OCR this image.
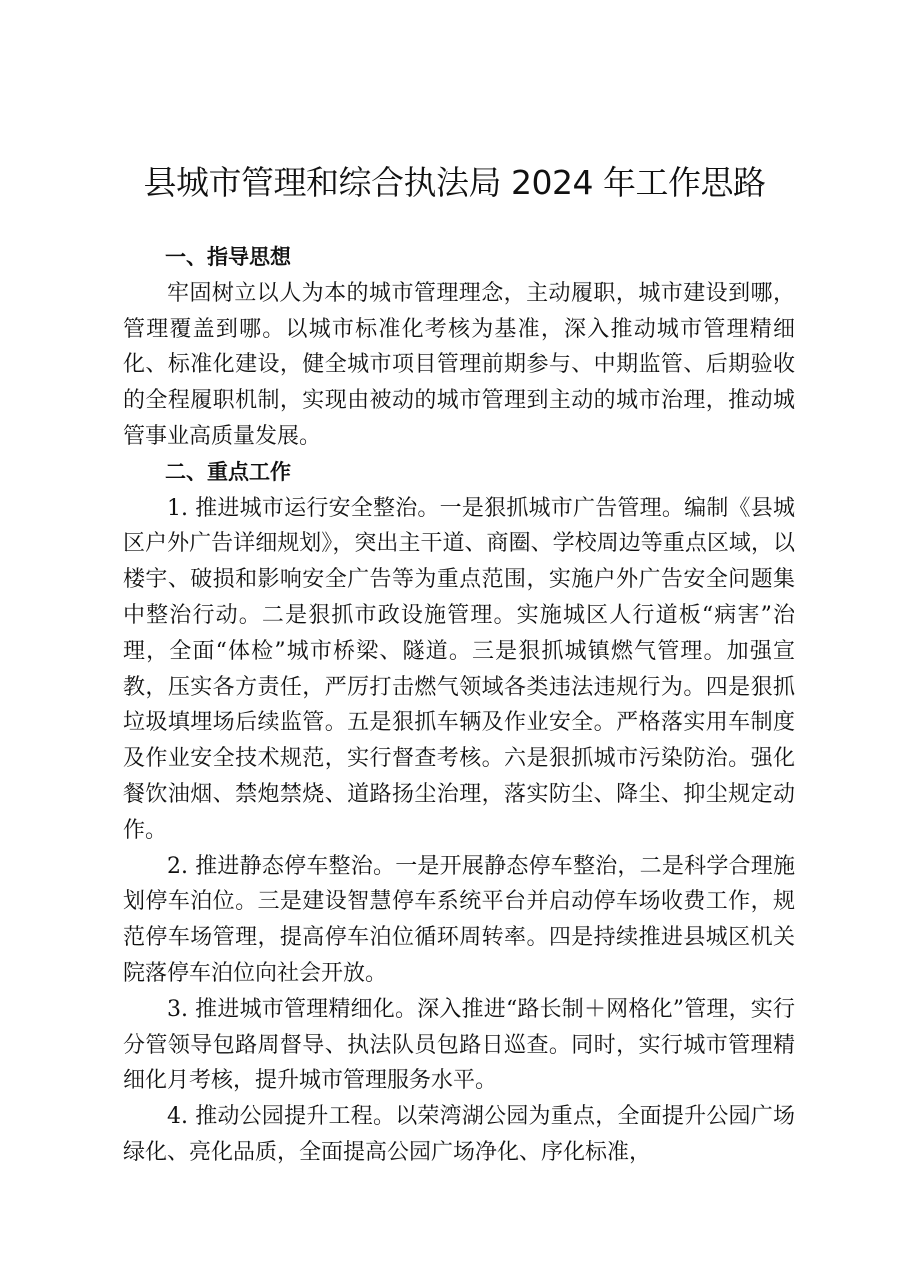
县城市管理和综合执法局 2024 年工作思路
一、指导思想

牢固树立以人为本的城市管理理念，主动履职，城市建设到哪，管理覆盖到哪。以城市标准化考核为基准，深入推动城市管理精细化、标准化建设，健全城市项目管理前期参与、中期监管、后期验收的全程履职机制，实现由被动的城市管理到主动的城市治理，推动城管事业高质量发展。

二、重点工作

1. 推进城市运行安全整治。一是狠抓城市广告管理。编制《县城区户外广告详细规划》，突出主干道、商圈、学校周边等重点区域，以楼宇、破损和影响安全广告等为重点范围，实施户外广告安全问题集中整治行动。二是狠抓市政设施管理。实施城区人行道板“病害”治理，全面“体检”城市桥梁、隧道。三是狠抓城镇燃气管理。加强宣教，压实各方责任，严厉打击燃气领域各类违法违规行为。四是狠抓垃圾填埋场后续监管。五是狠抓车辆及作业安全。严格落实用车制度及作业安全技术规范，实行督查考核。六是狠抓城市污染防治。强化餐饮油烟、禁炮禁烧、道路扬尘治理，落实防尘、降尘、抑尘规定动作。

2. 推进静态停车整治。一是开展静态停车整治，二是科学合理施划停车泊位。三是建设智慧停车系统平台并启动停车场收费工作，规范停车场管理，提高停车泊位循环周转率。四是持续推进县城区机关院落停车泊位向社会开放。

3. 推进城市管理精细化。深入推进“路长制＋网格化”管理，实行分管领导包路周督导、执法队员包路日巡查。同时，实行城市管理精细化月考核，提升城市管理服务水平。

4. 推动公园提升工程。以荣湾湖公园为重点，全面提升公园广场绿化、亮化品质，全面提高公园广场净化、序化标准，
